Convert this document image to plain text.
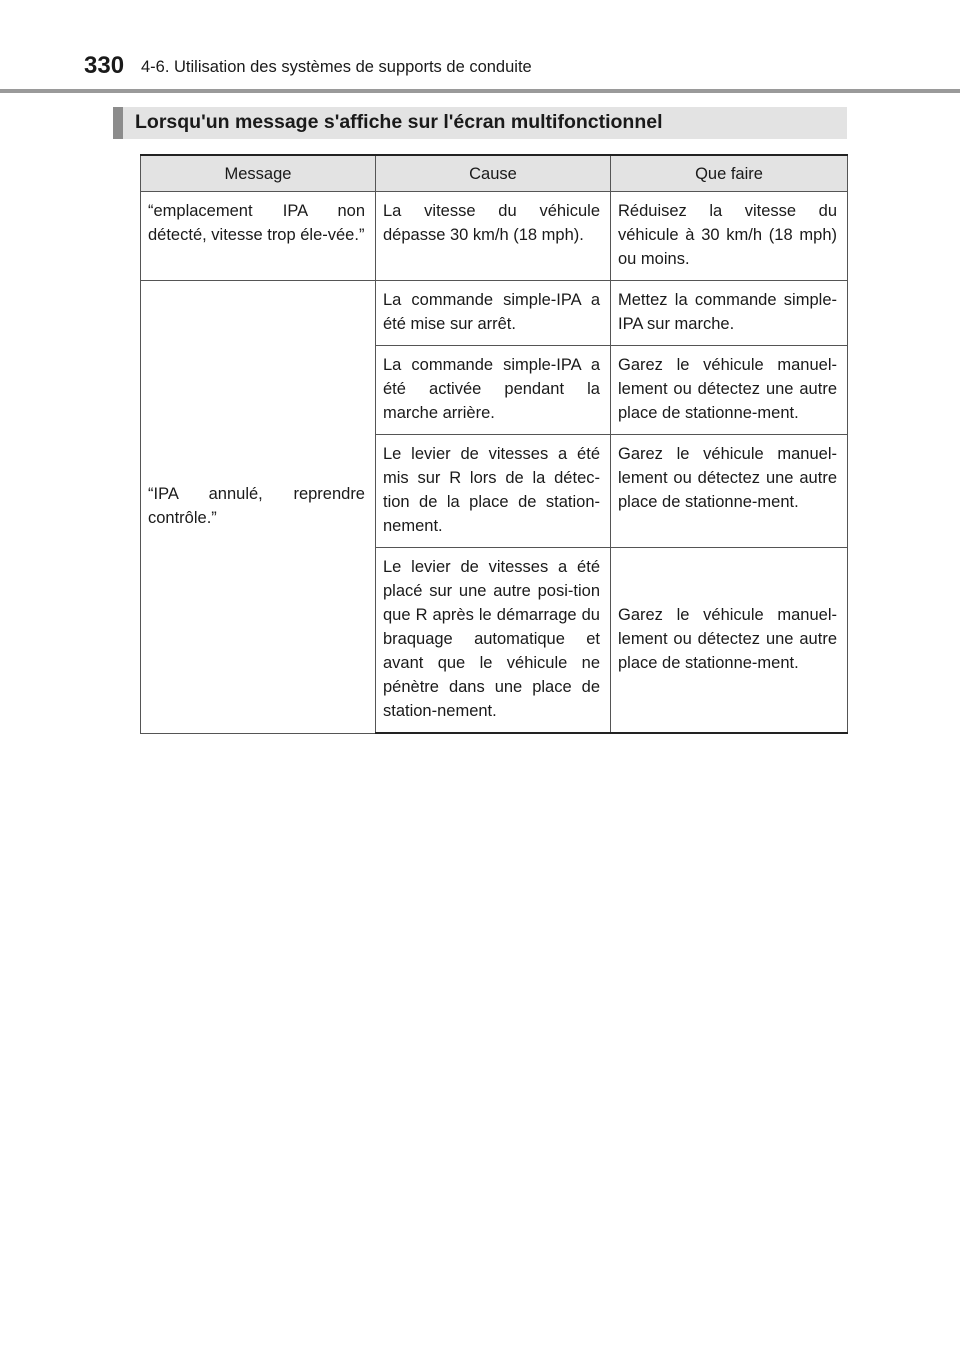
330 4-6. Utilisation des systèmes de supports de conduite
Lorsqu'un message s'affiche sur l'écran multifonctionnel
Message	Cause	Que faire
“emplacement IPA non détecté, vitesse trop éle-vée.”	La vitesse du véhicule dépasse 30 km/h (18 mph).	Réduisez la vitesse du véhicule à 30 km/h (18 mph) ou moins.
“IPA annulé, reprendre contrôle.”	La commande simple-IPA a été mise sur arrêt.	Mettez la commande simple-IPA sur marche.
	La commande simple-IPA a été activée pendant la marche arrière.	Garez le véhicule manuel-lement ou détectez une autre place de stationne-ment.
	Le levier de vitesses a été mis sur R lors de la détec-tion de la place de station-nement.	Garez le véhicule manuel-lement ou détectez une autre place de stationne-ment.
	Le levier de vitesses a été placé sur une autre posi-tion que R après le démarrage du braquage automatique et avant que le véhicule ne pénètre dans une place de station-nement.	Garez le véhicule manuel-lement ou détectez une autre place de stationne-ment.
